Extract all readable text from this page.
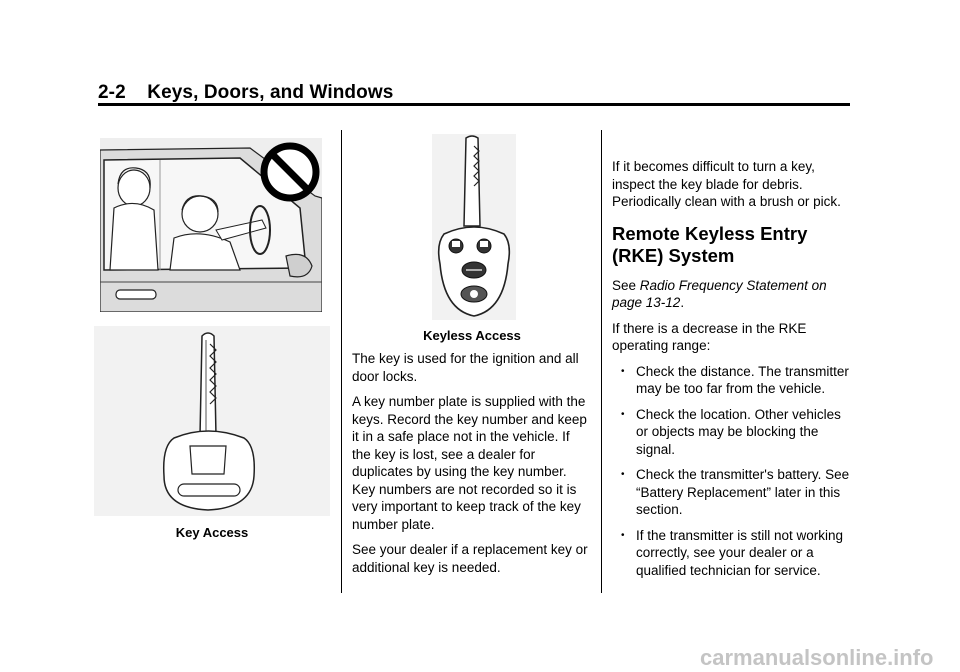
2-2 Keys, Doors, and Windows
Key Access
Keyless Access

The key is used for the ignition and all door locks.

A key number plate is supplied with the keys. Record the key number and keep it in a safe place not in the vehicle. If the key is lost, see a dealer for duplicates by using the key number. Key numbers are not recorded so it is very important to keep track of the key number plate.

See your dealer if a replacement key or additional key is needed.

If it becomes difficult to turn a key, inspect the key blade for debris. Periodically clean with a brush or pick.

Remote Keyless Entry
(RKE) System

See Radio Frequency Statement on page 13-12.

If there is a decrease in the RKE operating range:

• Check the distance. The transmitter may be too far from the vehicle.
• Check the location. Other vehicles or objects may be blocking the signal.
• Check the transmitter's battery. See “Battery Replacement” later in this section.
• If the transmitter is still not working correctly, see your dealer or a qualified technician for service.
carmanualsonline.info
